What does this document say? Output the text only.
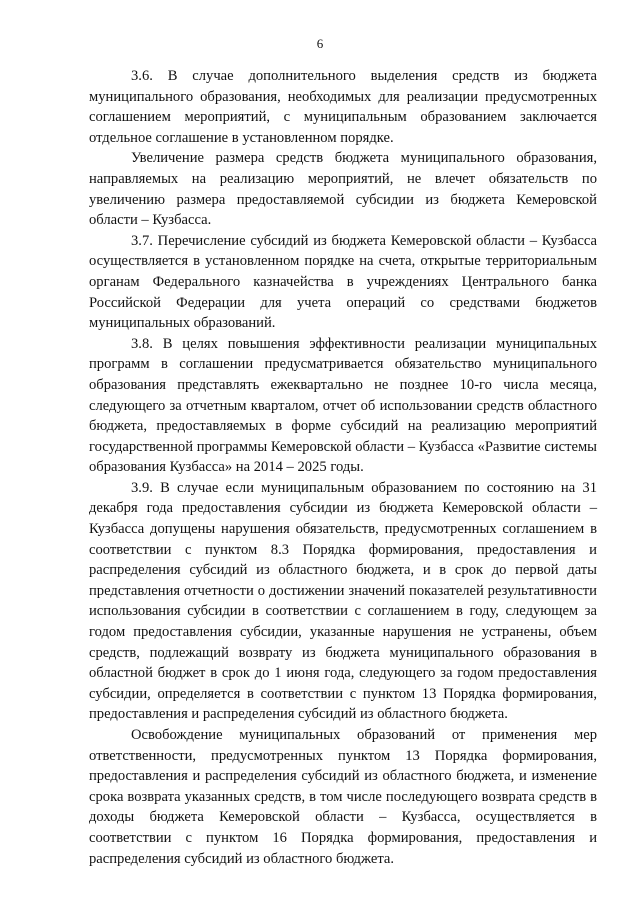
6

3.6. В случае дополнительного выделения средств из бюджета муниципального образования, необходимых для реализации предусмотренных соглашением мероприятий, с муниципальным образованием заключается отдельное соглашение в установленном порядке.

Увеличение размера средств бюджета муниципального образования, направляемых на реализацию мероприятий, не влечет обязательств по увеличению размера предоставляемой субсидии из бюджета Кемеровской области – Кузбасса.

3.7. Перечисление субсидий из бюджета Кемеровской области – Кузбасса осуществляется в установленном порядке на счета, открытые территориальным органам Федерального казначейства в учреждениях Центрального банка Российской Федерации для учета операций со средствами бюджетов муниципальных образований.

3.8. В целях повышения эффективности реализации муниципальных программ в соглашении предусматривается обязательство муниципального образования представлять ежеквартально не позднее 10-го числа месяца, следующего за отчетным кварталом, отчет об использовании средств областного бюджета, предоставляемых в форме субсидий на реализацию мероприятий государственной программы Кемеровской области – Кузбасса «Развитие системы образования Кузбасса» на 2014 – 2025 годы.

3.9. В случае если муниципальным образованием по состоянию на 31 декабря года предоставления субсидии из бюджета Кемеровской области – Кузбасса допущены нарушения обязательств, предусмотренных соглашением в соответствии с пунктом 8.3 Порядка формирования, предоставления и распределения субсидий из областного бюджета, и в срок до первой даты представления отчетности о достижении значений показателей результативности использования субсидии в соответствии с соглашением в году, следующем за годом предоставления субсидии, указанные нарушения не устранены, объем средств, подлежащий возврату из бюджета муниципального образования в областной бюджет в срок до 1 июня года, следующего за годом предоставления субсидии, определяется в соответствии с пунктом 13 Порядка формирования, предоставления и распределения субсидий из областного бюджета.

Освобождение муниципальных образований от применения мер ответственности, предусмотренных пунктом 13 Порядка формирования, предоставления и распределения субсидий из областного бюджета, и изменение срока возврата указанных средств, в том числе последующего возврата средств в доходы бюджета Кемеровской области – Кузбасса, осуществляется в соответствии с пунктом 16 Порядка формирования, предоставления и распределения субсидий из областного бюджета.
